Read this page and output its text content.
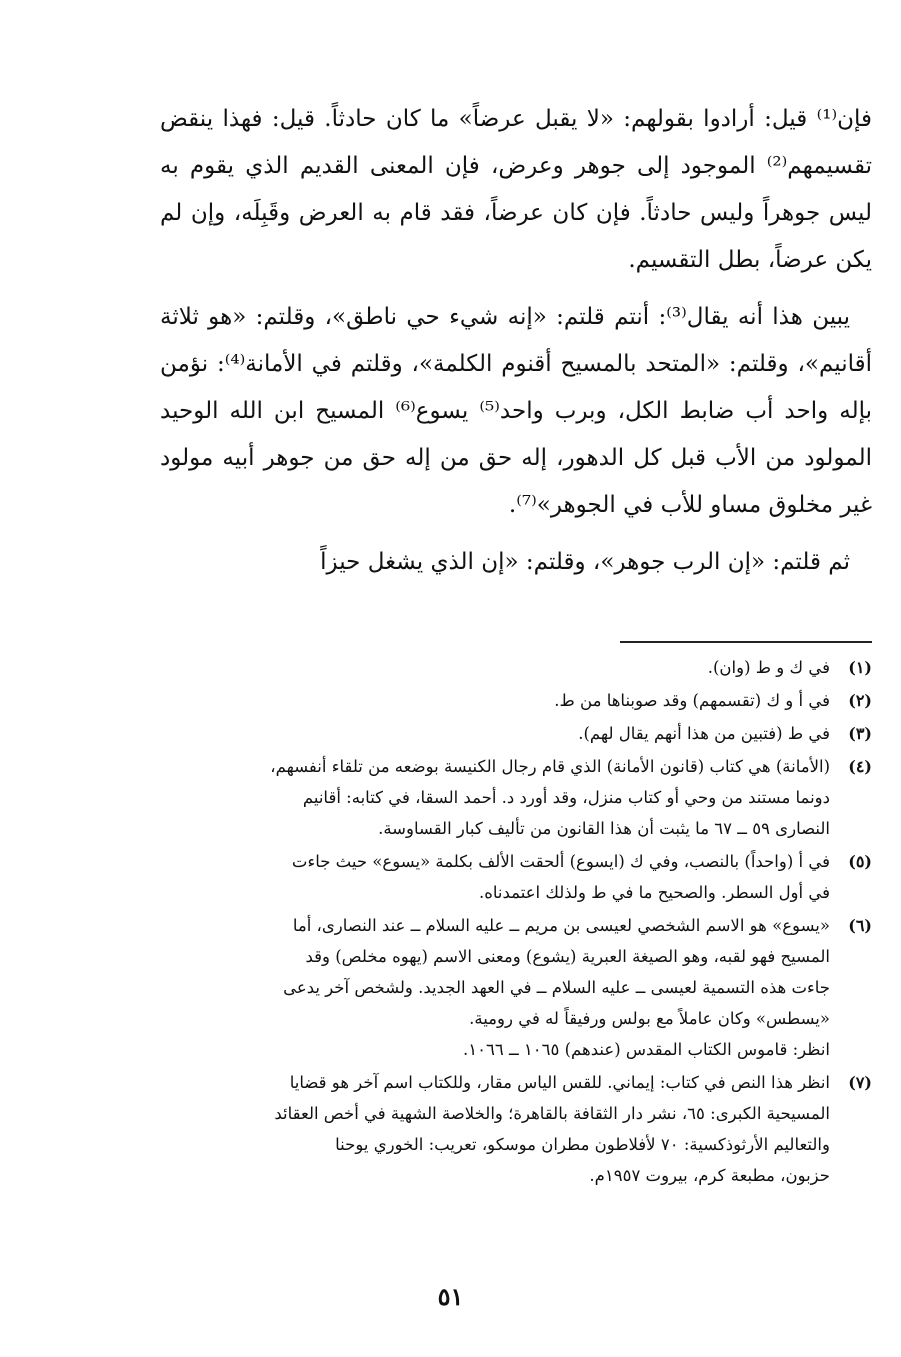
فإن⁽¹⁾ قيل: أرادوا بقولهم: «لا يقبل عرضاً» ما كان حادثاً. قيل: فهذا ينقض تقسيمهم⁽²⁾ الموجود إلى جوهر وعرض، فإن المعنى القديم الذي يقوم به ليس جوهراً وليس حادثاً. فإن كان عرضاً، فقد قام به العرض وقَبِلَه، وإن لم يكن عرضاً، بطل التقسيم.

يبين هذا أنه يقال⁽³⁾: أنتم قلتم: «إنه شيء حي ناطق»، وقلتم: «هو ثلاثة أقانيم»، وقلتم: «المتحد بالمسيح أقنوم الكلمة»، وقلتم في الأمانة⁽⁴⁾: نؤمن بإله واحد أب ضابط الكل، وبرب واحد⁽⁵⁾ يسوع⁽⁶⁾ المسيح ابن الله الوحيد المولود من الأب قبل كل الدهور، إله حق من إله حق من جوهر أبيه مولود غير مخلوق مساو للأب في الجوهر»⁽⁷⁾.

ثم قلتم: «إن الرب جوهر»، وقلتم: «إن الذي يشغل حيزاً

(١)
في ك و ط (وان).
(٢)
في أ و ك (تقسمهم) وقد صوبناها من ط.
(٣)
في ط (فتبين من هذا أنهم يقال لهم).
(٤)
(الأمانة) هي كتاب (قانون الأمانة) الذي قام رجال الكنيسة بوضعه من تلقاء أنفسهم،
دونما مستند من وحي أو كتاب منزل، وقد أورد د. أحمد السقا، في كتابه: أقانيم
النصارى ٥٩ ــ ٦٧ ما يثبت أن هذا القانون من تأليف كبار القساوسة.
(٥)
في أ (واحداً) بالنصب، وفي ك (ايسوع) ألحقت الألف بكلمة «يسوع» حيث جاءت
في أول السطر. والصحيح ما في ط ولذلك اعتمدناه.
(٦)
«يسوع» هو الاسم الشخصي لعيسى بن مريم ــ عليه السلام ــ عند النصارى، أما
المسيح فهو لقبه، وهو الصيغة العبرية (يشوع) ومعنى الاسم (يهوه مخلص) وقد
جاءت هذه التسمية لعيسى ــ عليه السلام ــ في العهد الجديد. ولشخص آخر يدعى
«يسطس» وكان عاملاً مع بولس ورفيقاً له في رومية.
انظر: قاموس الكتاب المقدس (عندهم) ١٠٦٥ ــ ١٠٦٦.
(٧)
انظر هذا النص في كتاب: إيماني. للقس الياس مقار، وللكتاب اسم آخر هو قضايا
المسيحية الكبرى: ٦٥، نشر دار الثقافة بالقاهرة؛ والخلاصة الشهية في أخص العقائد
والتعاليم الأرثوذكسية: ٧٠ لأفلاطون مطران موسكو، تعريب: الخوري يوحنا
حزبون، مطبعة كرم، بيروت ١٩٥٧م.
٥١
